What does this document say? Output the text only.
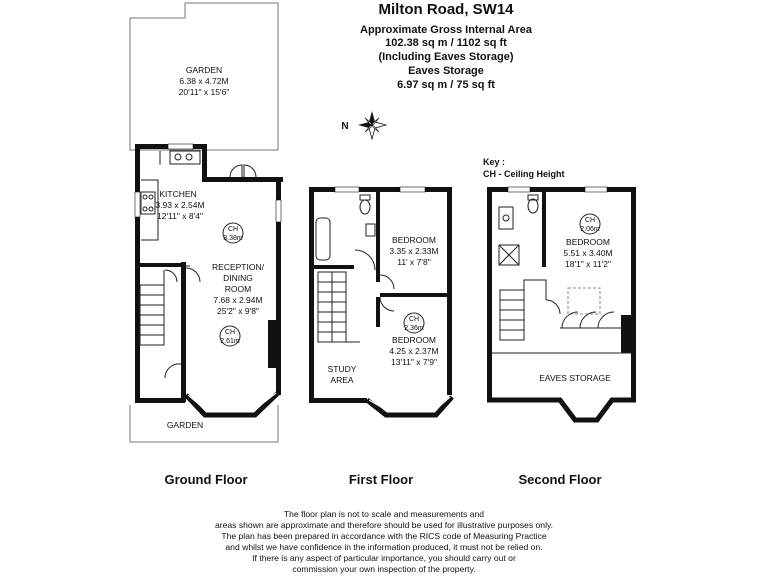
Milton Road, SW14
Approximate Gross Internal Area
102.38 sq m / 1102 sq ft
(Including Eaves Storage)
Eaves Storage
6.97 sq m / 75 sq ft
N
Key :
CH - Ceiling Height
CH
3.38m
CH
2.61m
GARDEN
6.38 x 4.72M
20'11" x 15'6"
KITCHEN
3.93 x 2.54M
12'11" x 8'4"
RECEPTION/
DINING
ROOM
7.68 x 2.94M
25'2" x 9'8"
GARDEN
Ground Floor
CH
2.36m
BEDROOM
3.35 x 2.33M
11' x 7'8"
BEDROOM
4.25 x 2.37M
13'11" x 7'9"
STUDY
AREA
First Floor
CH
2.06m
BEDROOM
5.51 x 3.40M
18'1" x 11'2"
EAVES STORAGE
Second Floor
The floor plan is not to scale and measurements and
areas shown are approximate and therefore should be used for illustrative purposes only.
The plan has been prepared in accordance with the RICS code of Measuring Practice
and whilst we have confidence in the information produced, it must not be relied on.
If there is any aspect of particular importance, you should carry out or
commission your own inspection of the property.
